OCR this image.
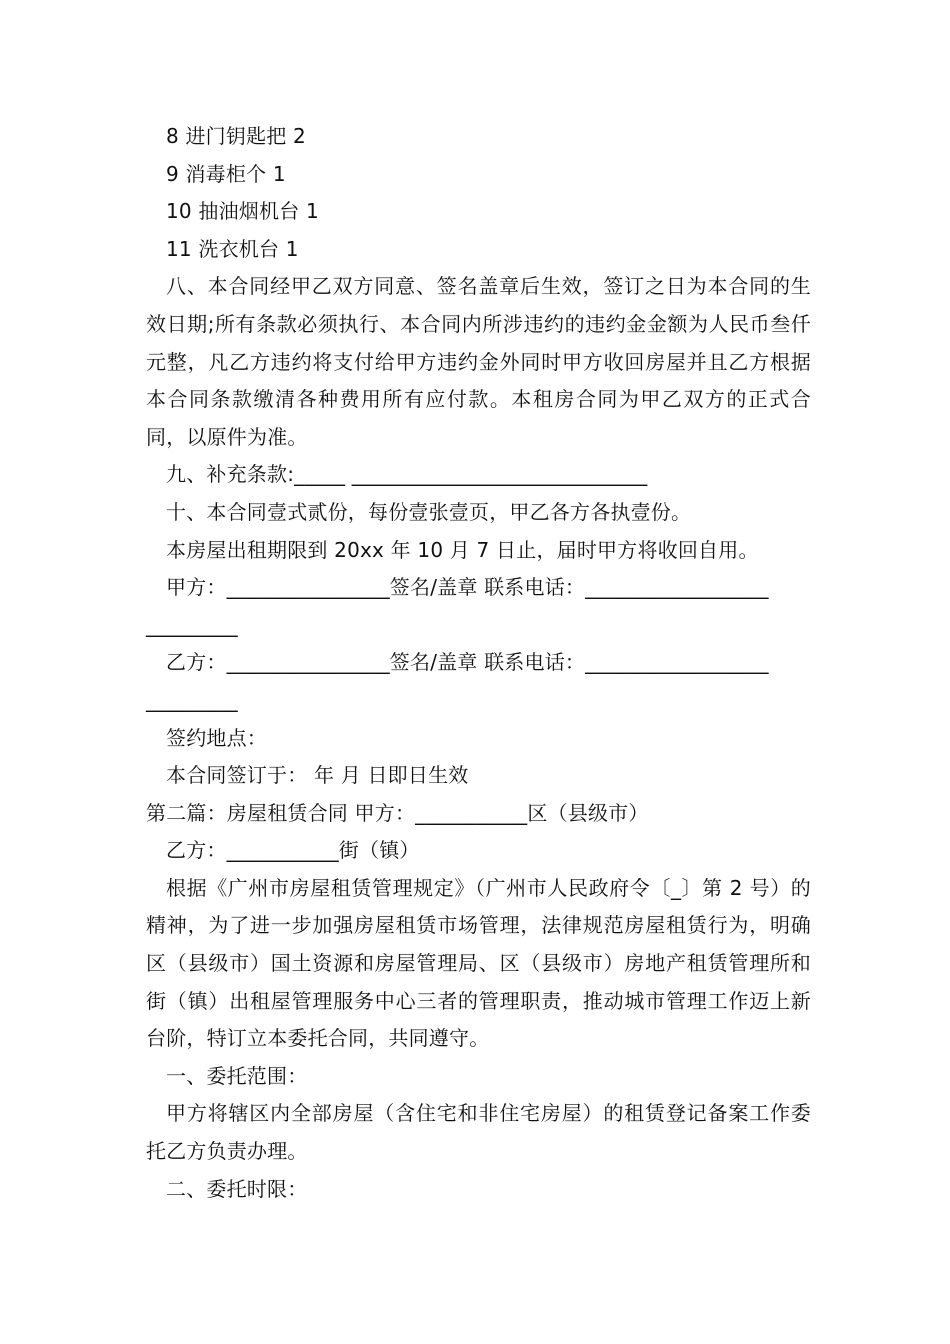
8 进门钥匙把 2
9 消毒柜个 1
10 抽油烟机台 1
11 洗衣机台 1
八、本合同经甲乙双方同意、签名盖章后生效，签订之日为本合同的生效日期;所有条款必须执行、本合同内所涉违约的违约金金额为人民币叁仟元整，凡乙方违约将支付给甲方违约金外同时甲方收回房屋并且乙方根据本合同条款缴清各种费用所有应付款。本租房合同为甲乙双方的正式合同，以原件为准。
九、补充条款:_____ _____________________________
十、本合同壹式贰份，每份壹张壹页，甲乙各方各执壹份。
本房屋出租期限到 20xx 年 10 月 7 日止，届时甲方将收回自用。
甲方：________________签名/盖章 联系电话：__________________
_________
乙方：________________签名/盖章 联系电话：__________________
_________
签约地点：
本合同签订于： 年 月 日即日生效
第二篇：房屋租赁合同 甲方：___________区（县级市）
乙方：___________街（镇）
根据《广州市房屋租赁管理规定》（广州市人民政府令〔_〕第 2 号）的精神，为了进一步加强房屋租赁市场管理，法律规范房屋租赁行为，明确区（县级市）国土资源和房屋管理局、区（县级市）房地产租赁管理所和街（镇）出租屋管理服务中心三者的管理职责，推动城市管理工作迈上新台阶，特订立本委托合同，共同遵守。
一、委托范围：
甲方将辖区内全部房屋（含住宅和非住宅房屋）的租赁登记备案工作委托乙方负责办理。
二、委托时限：
